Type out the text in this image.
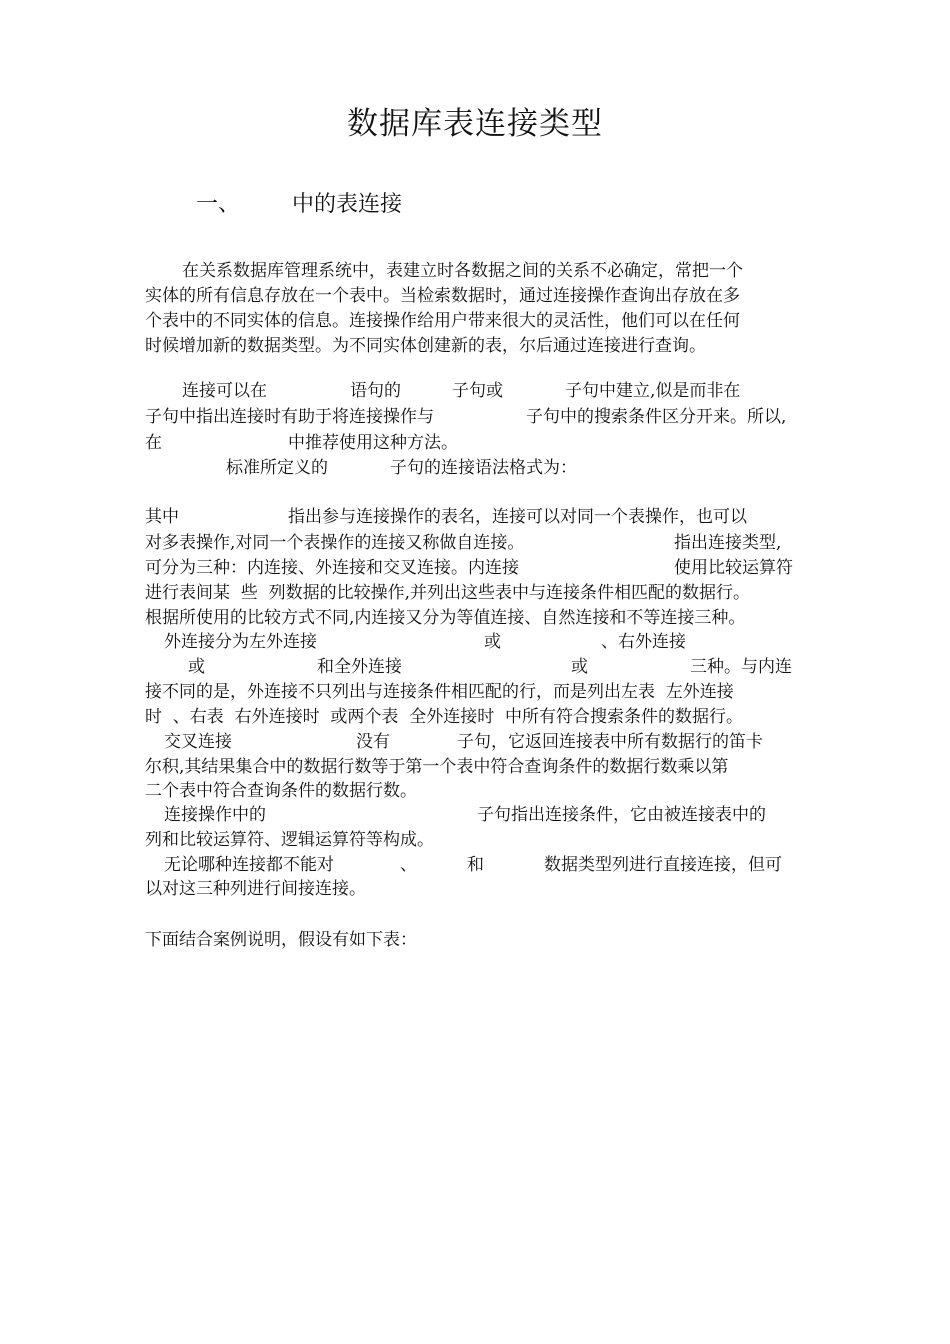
数据库表连接类型
一、 中的表连接
在关系数据库管理系统中，表建立时各数据之间的关系不必确定，常把一个
实体的所有信息存放在一个表中。当检索数据时，通过连接操作查询出存放在多
个表中的不同实体的信息。连接操作给用户带来很大的灵活性，他们可以在任何
时候增加新的数据类型。为不同实体创建新的表，尔后通过连接进行查询。
连接可以在	语句的	子句或	子句中建立,似是而非在
子句中指出连接时有助于将连接操作与	子句中的搜索条件区分开来。所以,
在	中推荐使用这种方法。
标准所定义的	子句的连接语法格式为：
其中	指出参与连接操作的表名，连接可以对同一个表操作，也可以
对多表操作,对同一个表操作的连接又称做自连接。	指出连接类型,
可分为三种：内连接、外连接和交叉连接。内连接	使用比较运算符
进行表间某  些  列数据的比较操作,并列出这些表中与连接条件相匹配的数据行。
根据所使用的比较方式不同,内连接又分为等值连接、自然连接和不等连接三种。
外连接分为左外连接	或	、右外连接
或	和全外连接	或	三种。与内连
接不同的是，外连接不只列出与连接条件相匹配的行，而是列出左表  左外连接
时  、右表  右外连接时  或两个表  全外连接时  中所有符合搜索条件的数据行。
交叉连接	没有	子句，它返回连接表中所有数据行的笛卡
尔积,其结果集合中的数据行数等于第一个表中符合查询条件的数据行数乘以第
二个表中符合查询条件的数据行数。
连接操作中的	子句指出连接条件，它由被连接表中的
列和比较运算符、逻辑运算符等构成。
无论哪种连接都不能对	、	和	数据类型列进行直接连接，但可
以对这三种列进行间接连接。
下面结合案例说明，假设有如下表：
